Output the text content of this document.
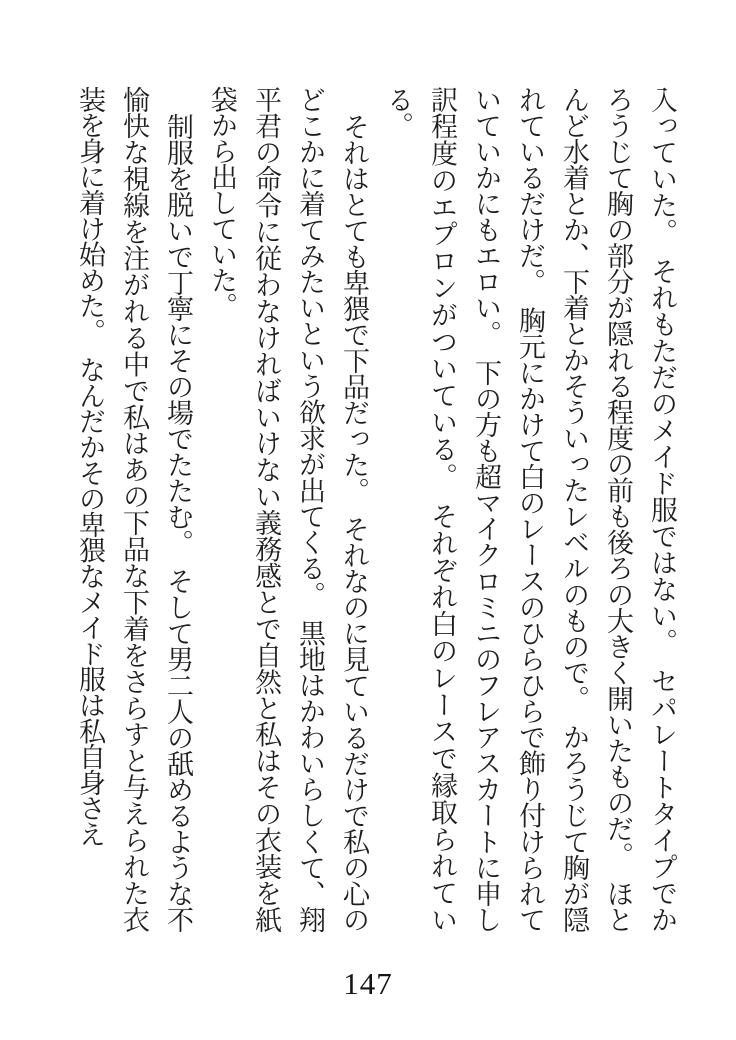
入っていた。　それもただのメイド服ではない。　セパレートタイプでかろうじて胸の部分が隠れる程度の前も後ろの大きく開いたものだ。　ほとんど水着とか、下着とかそういったレベルのもので。　かろうじて胸が隠れているだけだ。　胸元にかけて白のレースのひらひらで飾り付けられていていかにもエロい。　下の方も超マイクロミニのフレアスカートに申し訳程度のエプロンがついている。　それぞれ白のレースで縁取られている。

それはとても卑猥で下品だった。　それなのに見ているだけで私の心のどこかに着てみたいという欲求が出てくる。　黒地はかわいらしくて、翔平君の命令に従わなければいけない義務感とで自然と私はその衣装を紙袋から出していた。

制服を脱いで丁寧にその場でたたむ。　そして男二人の舐めるような不愉快な視線を注がれる中で私はあの下品な下着をさらすと与えられた衣装を身に着け始めた。　なんだかその卑猥なメイド服は私自身さえ

147
